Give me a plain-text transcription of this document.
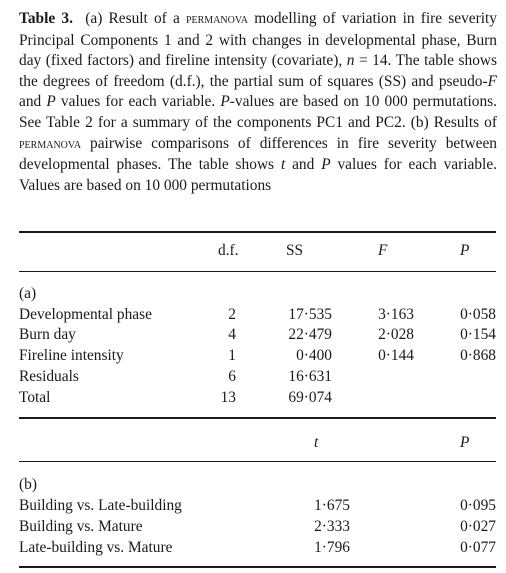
Table 3. (a) Result of a permanova modelling of variation in fire severity Principal Components 1 and 2 with changes in developmental phase, Burn day (fixed factors) and fireline intensity (covariate), n = 14. The table shows the degrees of freedom (d.f.), the partial sum of squares (SS) and pseudo-F and P values for each variable. P-values are based on 10 000 permutations. See Table 2 for a summary of the components PC1 and PC2. (b) Results of permanova pairwise comparisons of differences in fire severity between developmental phases. The table shows t and P values for each variable. Values are based on 10 000 permutations
d.f.	SS	F	P
(a)
Developmental phase	2	17·535	3·163	0·058
Burn day	4	22·479	2·028	0·154
Fireline intensity	1	0·400	0·144	0·868
Residuals	6	16·631
Total	13	69·074
t	P
(b)
Building vs. Late-building	1·675	0·095
Building vs. Mature	2·333	0·027
Late-building vs. Mature	1·796	0·077
